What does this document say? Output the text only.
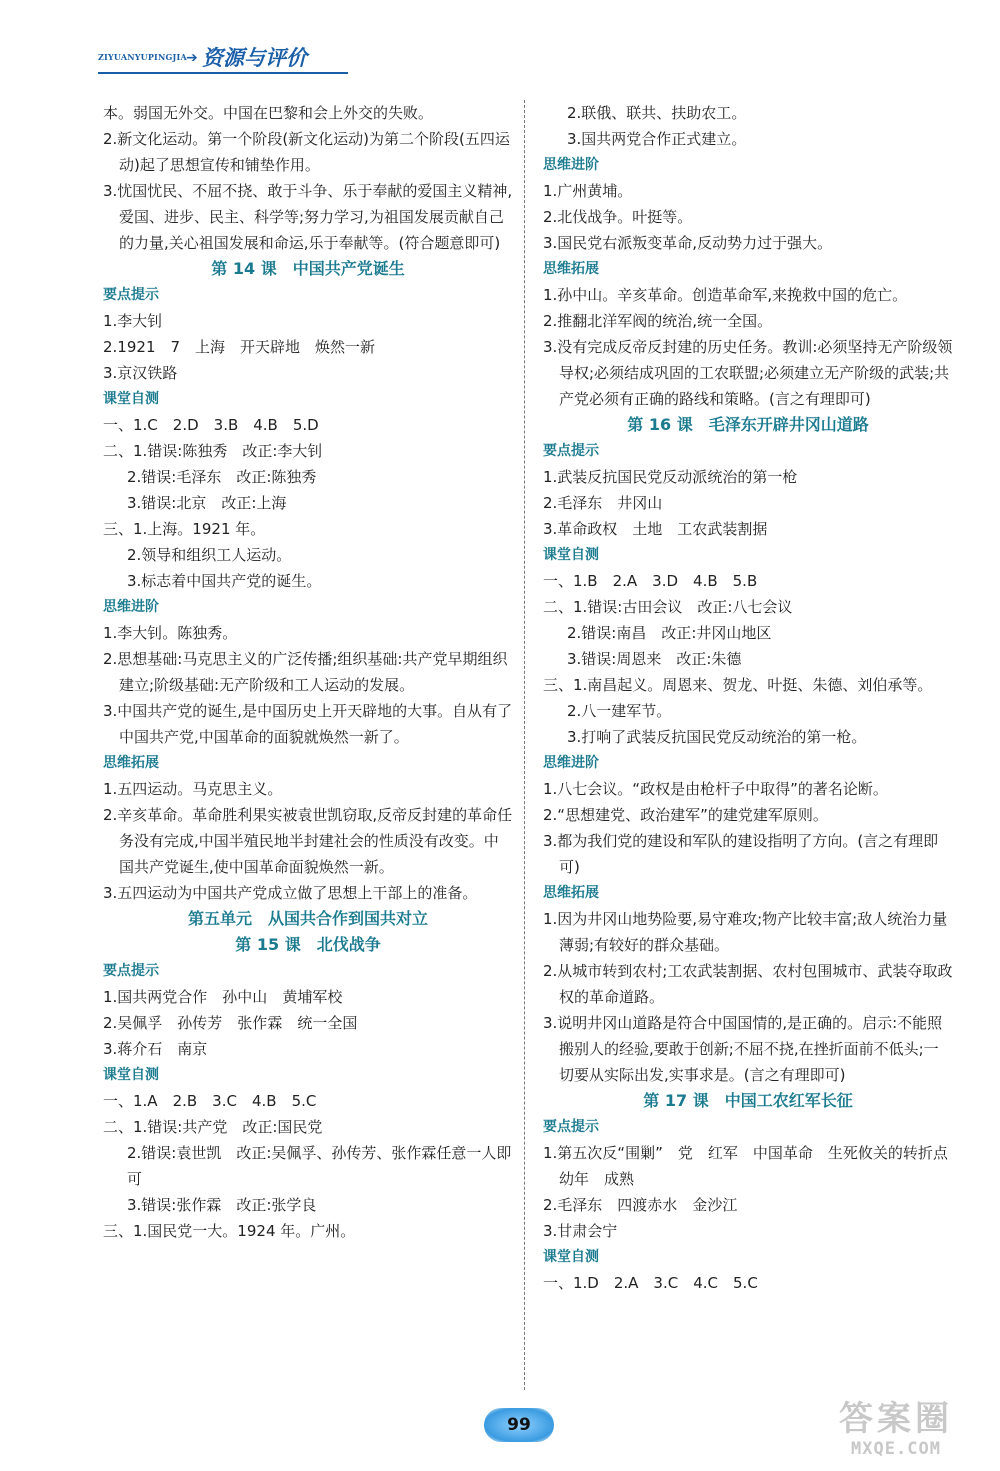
ZIYUANYUPINGJIA ➔ 资源与评价

本。弱国无外交。中国在巴黎和会上外交的失败。

2.新文化运动。第一个阶段(新文化运动)为第二个阶段(五四运动)起了思想宣传和铺垫作用。

3.忧国忧民、不屈不挠、敢于斗争、乐于奉献的爱国主义精神,爱国、进步、民主、科学等;努力学习,为祖国发展贡献自己的力量,关心祖国发展和命运,乐于奉献等。(符合题意即可)

第 14 课　中国共产党诞生

要点提示

1.李大钊

2.1921　7　上海　开天辟地　焕然一新

3.京汉铁路

课堂自测

一、1.C　2.D　3.B　4.B　5.D

二、1.错误:陈独秀　改正:李大钊

2.错误:毛泽东　改正:陈独秀

3.错误:北京　改正:上海

三、1.上海。1921 年。

2.领导和组织工人运动。

3.标志着中国共产党的诞生。

思维进阶

1.李大钊。陈独秀。

2.思想基础:马克思主义的广泛传播;组织基础:共产党早期组织建立;阶级基础:无产阶级和工人运动的发展。

3.中国共产党的诞生,是中国历史上开天辟地的大事。自从有了中国共产党,中国革命的面貌就焕然一新了。

思维拓展

1.五四运动。马克思主义。

2.辛亥革命。革命胜利果实被袁世凯窃取,反帝反封建的革命任务没有完成,中国半殖民地半封建社会的性质没有改变。中国共产党诞生,使中国革命面貌焕然一新。

3.五四运动为中国共产党成立做了思想上干部上的准备。

第五单元　从国共合作到国共对立

第 15 课　北伐战争

要点提示

1.国共两党合作　孙中山　黄埔军校

2.吴佩孚　孙传芳　张作霖　统一全国

3.蒋介石　南京

课堂自测

一、1.A　2.B　3.C　4.B　5.C

二、1.错误:共产党　改正:国民党

2.错误:袁世凯　改正:吴佩孚、孙传芳、张作霖任意一人即可

3.错误:张作霖　改正:张学良

三、1.国民党一大。1924 年。广州。

2.联俄、联共、扶助农工。

3.国共两党合作正式建立。

思维进阶

1.广州黄埔。

2.北伐战争。叶挺等。

3.国民党右派叛变革命,反动势力过于强大。

思维拓展

1.孙中山。辛亥革命。创造革命军,来挽救中国的危亡。

2.推翻北洋军阀的统治,统一全国。

3.没有完成反帝反封建的历史任务。教训:必须坚持无产阶级领导权;必须结成巩固的工农联盟;必须建立无产阶级的武装;共产党必须有正确的路线和策略。(言之有理即可)

第 16 课　毛泽东开辟井冈山道路

要点提示

1.武装反抗国民党反动派统治的第一枪

2.毛泽东　井冈山

3.革命政权　土地　工农武装割据

课堂自测

一、1.B　2.A　3.D　4.B　5.B

二、1.错误:古田会议　改正:八七会议

2.错误:南昌　改正:井冈山地区

3.错误:周恩来　改正:朱德

三、1.南昌起义。周恩来、贺龙、叶挺、朱德、刘伯承等。

2.八一建军节。

3.打响了武装反抗国民党反动统治的第一枪。

思维进阶

1.八七会议。“政权是由枪杆子中取得”的著名论断。

2.“思想建党、政治建军”的建党建军原则。

3.都为我们党的建设和军队的建设指明了方向。(言之有理即可)

思维拓展

1.因为井冈山地势险要,易守难攻;物产比较丰富;敌人统治力量薄弱;有较好的群众基础。

2.从城市转到农村;工农武装割据、农村包围城市、武装夺取政权的革命道路。

3.说明井冈山道路是符合中国国情的,是正确的。启示:不能照搬别人的经验,要敢于创新;不屈不挠,在挫折面前不低头;一切要从实际出发,实事求是。(言之有理即可)

第 17 课　中国工农红军长征

要点提示

1.第五次反“围剿”　党　红军　中国革命　生死攸关的转折点　幼年　成熟

2.毛泽东　四渡赤水　金沙江

3.甘肃会宁

课堂自测

一、1.D　2.A　3.C　4.C　5.C

99	答案圈
MXQE.COM
